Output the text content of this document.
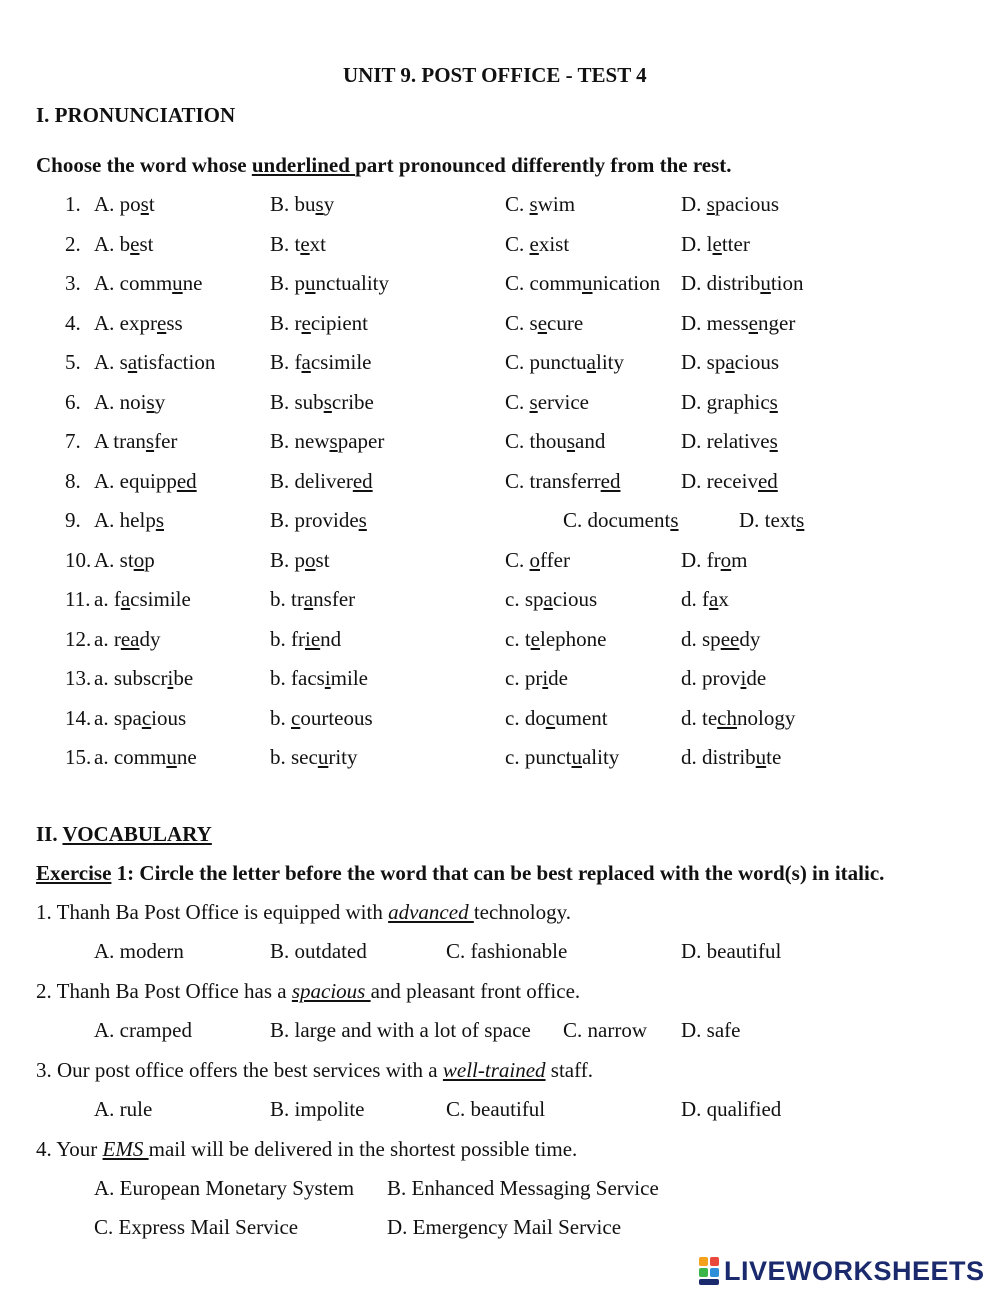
UNIT 9. POST OFFICE - TEST 4
I. PRONUNCIATION
Choose the word whose underlined part pronounced differently from the rest.
1. A. post	B. busy	C. swim	D. spacious
2. A. best	B. text	C. exist	D. letter
3. A. commune	B. punctuality	C. communication D. distribution
4. A. express	B. recipient	C. secure	D. messenger
5. A. satisfaction	B. facsimile	C. punctuality	D. spacious
6. A. noisy	B. subscribe	C. service	D. graphics
7. A transfer	B. newspaper	C. thousand	D. relatives
8. A. equipped	B. delivered	C. transferred	D. received
9. A. helps	B. provides	C. documents	D. texts
10. A. stop	B. post	C. offer	D. from
11. a. facsimile	b. transfer	c. spacious	d. fax
12. a. ready	b. friend	c. telephone	d. speedy
13. a. subscribe	b. facsimile	c. pride	d. provide
14. a. spacious	b. courteous	c. document	d. technology
15. a. commune	b. security	c. punctuality	d. distribute
II. VOCABULARY
Exercise 1: Circle the letter before the word that can be best replaced with the word(s) in italic.
1. Thanh Ba Post Office is equipped with advanced technology.
A. modern	B. outdated	C. fashionable	D. beautiful
2. Thanh Ba Post Office has a spacious and pleasant front office.
A. cramped	B. large and with a lot of space C. narrow D. safe
3. Our post office offers the best services with a well-trained staff.
A. rule	B. impolite	C. beautiful	D. qualified
4. Your EMS mail will be delivered in the shortest possible time.
A. European Monetary System B. Enhanced Messaging Service
C. Express Mail Service	D. Emergency Mail Service
LIVEWORKSHEETS
